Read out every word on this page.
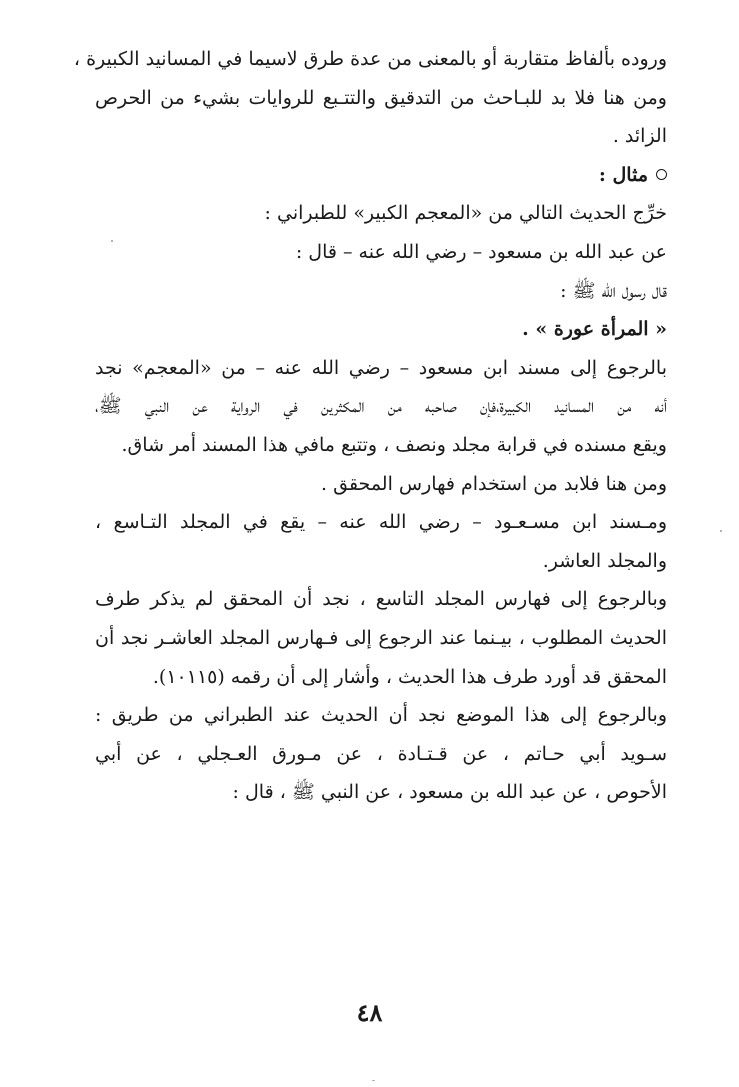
وروده بألفاظ متقاربة أو بالمعنى من عدة طرق لاسيما في المسانيد الكبيرة ،
ومن هنا فلا بد للبـاحث من التدقيق والتتـبع للروايات بشيء من الحرص
الزائد .
مثال :
خرِّج الحديث التالي من «المعجم الكبير» للطبراني :
عن عبد الله بن مسعود – رضي الله عنه – قال :
قال رسول الله ﷺ :
« المرأة عورة » .
بالرجوع إلى مسند ابن مسعود – رضي الله عنه – من «المعجم» نجد
أنه من المسانيد الكبيرة،فإن صاحبه من المكثرين في الرواية عن النبي ﷺ،
ويقع مسنده في قرابة مجلد ونصف ، وتتبع مافي هذا المسند أمر شاق.
ومن هنا فلابد من استخدام فهارس المحقق .
ومـسند ابن مسـعـود – رضي الله عنه – يقع في المجلد التـاسع ،
والمجلد العاشر.
وبالرجوع إلى فهارس المجلد التاسع ، نجد أن المحقق لم يذكر طرف
الحديث المطلوب ، بيـنما عند الرجوع إلى فـهارس المجلد العاشـر نجد أن
المحقق قد أورد طرف هذا الحديث ، وأشار إلى أن رقمه (١٠١١٥).
وبالرجوع إلى هذا الموضع نجد أن الحديث عند الطبراني من طريق :
سـويد أبي حـاتم ، عن قـتـادة ، عن مـورق العـجلي ، عن أبي
الأحوص ، عن عبد الله بن مسعود ، عن النبي ﷺ ، قال :
٤٨
